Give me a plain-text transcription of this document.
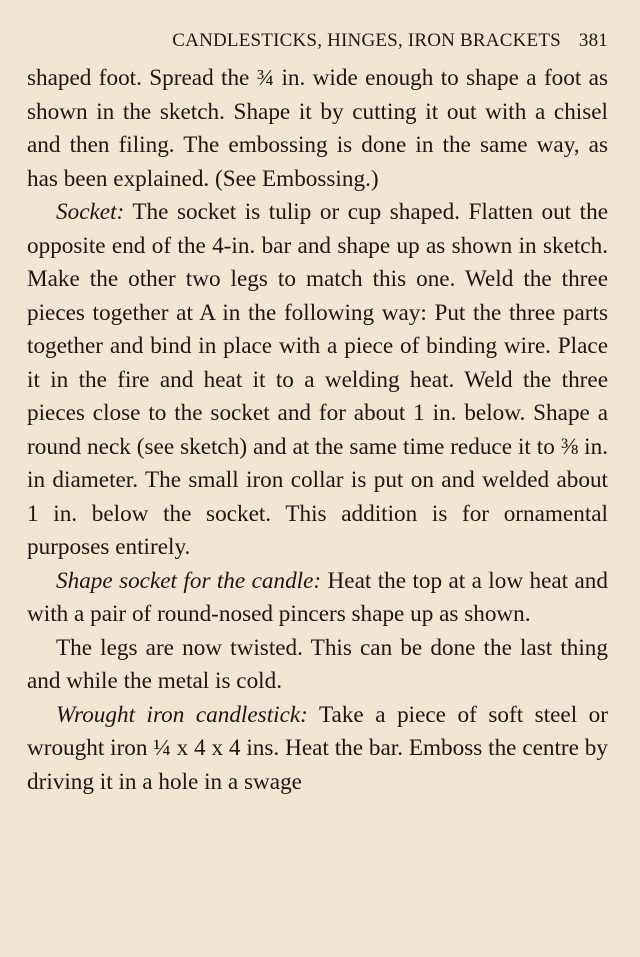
CANDLESTICKS, HINGES, IRON BRACKETS 381

shaped foot. Spread the ¾ in. wide enough to shape a foot as shown in the sketch. Shape it by cutting it out with a chisel and then filing. The embossing is done in the same way, as has been explained. (See Embossing.)

Socket: The socket is tulip or cup shaped. Flatten out the opposite end of the 4-in. bar and shape up as shown in sketch. Make the other two legs to match this one. Weld the three pieces together at A in the following way: Put the three parts together and bind in place with a piece of binding wire. Place it in the fire and heat it to a welding heat. Weld the three pieces close to the socket and for about 1 in. below. Shape a round neck (see sketch) and at the same time reduce it to ⅜ in. in diameter. The small iron collar is put on and welded about 1 in. below the socket. This addition is for ornamental purposes entirely.

Shape socket for the candle: Heat the top at a low heat and with a pair of round-nosed pincers shape up as shown.

The legs are now twisted. This can be done the last thing and while the metal is cold.

Wrought iron candlestick: Take a piece of soft steel or wrought iron ¼ x 4 x 4 ins. Heat the bar. Emboss the centre by driving it in a hole in a swage
